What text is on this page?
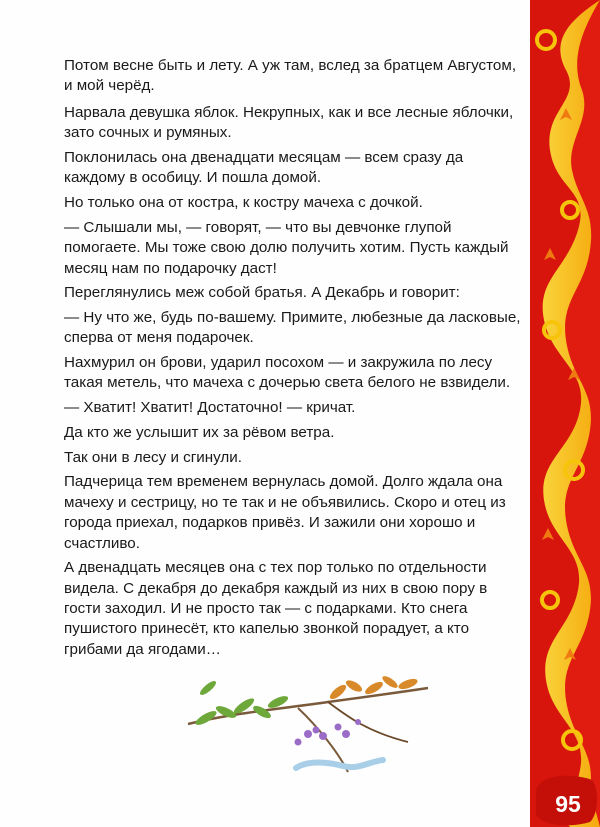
Потом весне быть и лету. А уж там, вслед за братцем Августом, и мой черёд.

Нарвала девушка яблок. Некрупных, как и все лесные яблочки, зато сочных и румяных.

Поклонилась она двенадцати месяцам — всем сразу да каждому в особицу. И пошла домой.

Но только она от костра, к костру мачеха с дочкой.

— Слышали мы, — говорят, — что вы девчонке глупой помогаете. Мы тоже свою долю получить хотим. Пусть каждый месяц нам по подарочку даст!

Переглянулись меж собой братья. А Декабрь и говорит:

— Ну что же, будь по-вашему. Примите, любезные да ласковые, сперва от меня подарочек.

Нахмурил он брови, ударил посохом — и закружила по лесу такая метель, что мачеха с дочерью света белого не взвидели.

— Хватит! Хватит! Достаточно! — кричат.

Да кто же услышит их за рёвом ветра.

Так они в лесу и сгинули.

Падчерица тем временем вернулась домой. Долго ждала она мачеху и сестрицу, но те так и не объявились. Скоро и отец из города приехал, подарков привёз. И зажили они хорошо и счастливо.

А двенадцать месяцев она с тех пор только по отдельности видела. С декабря до декабря каждый из них в свою пору в гости заходил. И не просто так — с подарками. Кто снега пушистого принесёт, кто капелью звонкой порадует, а кто грибами да ягодами…

95
